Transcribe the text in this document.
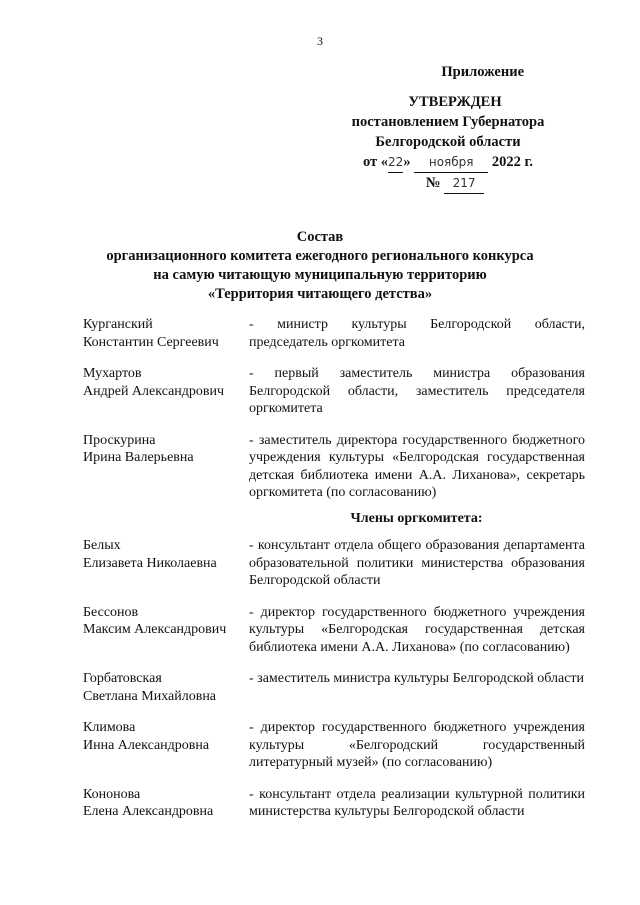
3
Приложение
УТВЕРЖДЕН
постановлением Губернатора
Белгородской области
от «22» ноября 2022 г.
№ 217
Состав
организационного комитета ежегодного регионального конкурса
на самую читающую муниципальную территорию
«Территория читающего детства»
Курганский
Константин Сергеевич
- министр культуры Белгородской области, председатель оргкомитета
Мухартов
Андрей Александрович
- первый заместитель министра образования Белгородской области, заместитель председателя оргкомитета
Проскурина
Ирина Валерьевна
- заместитель директора государственного бюджетного учреждения культуры «Белгородская государственная детская библиотека имени А.А. Лиханова», секретарь оргкомитета (по согласованию)
Члены оргкомитета:
Белых
Елизавета Николаевна
- консультант отдела общего образования департамента образовательной политики министерства образования Белгородской области
Бессонов
Максим Александрович
- директор государственного бюджетного учреждения культуры «Белгородская государственная детская библиотека имени А.А. Лиханова» (по согласованию)
Горбатовская
Светлана Михайловна
- заместитель министра культуры Белгородской области
Климова
Инна Александровна
- директор государственного бюджетного учреждения культуры «Белгородский государственный литературный музей» (по согласованию)
Кононова
Елена Александровна
- консультант отдела реализации культурной политики министерства культуры Белгородской области
